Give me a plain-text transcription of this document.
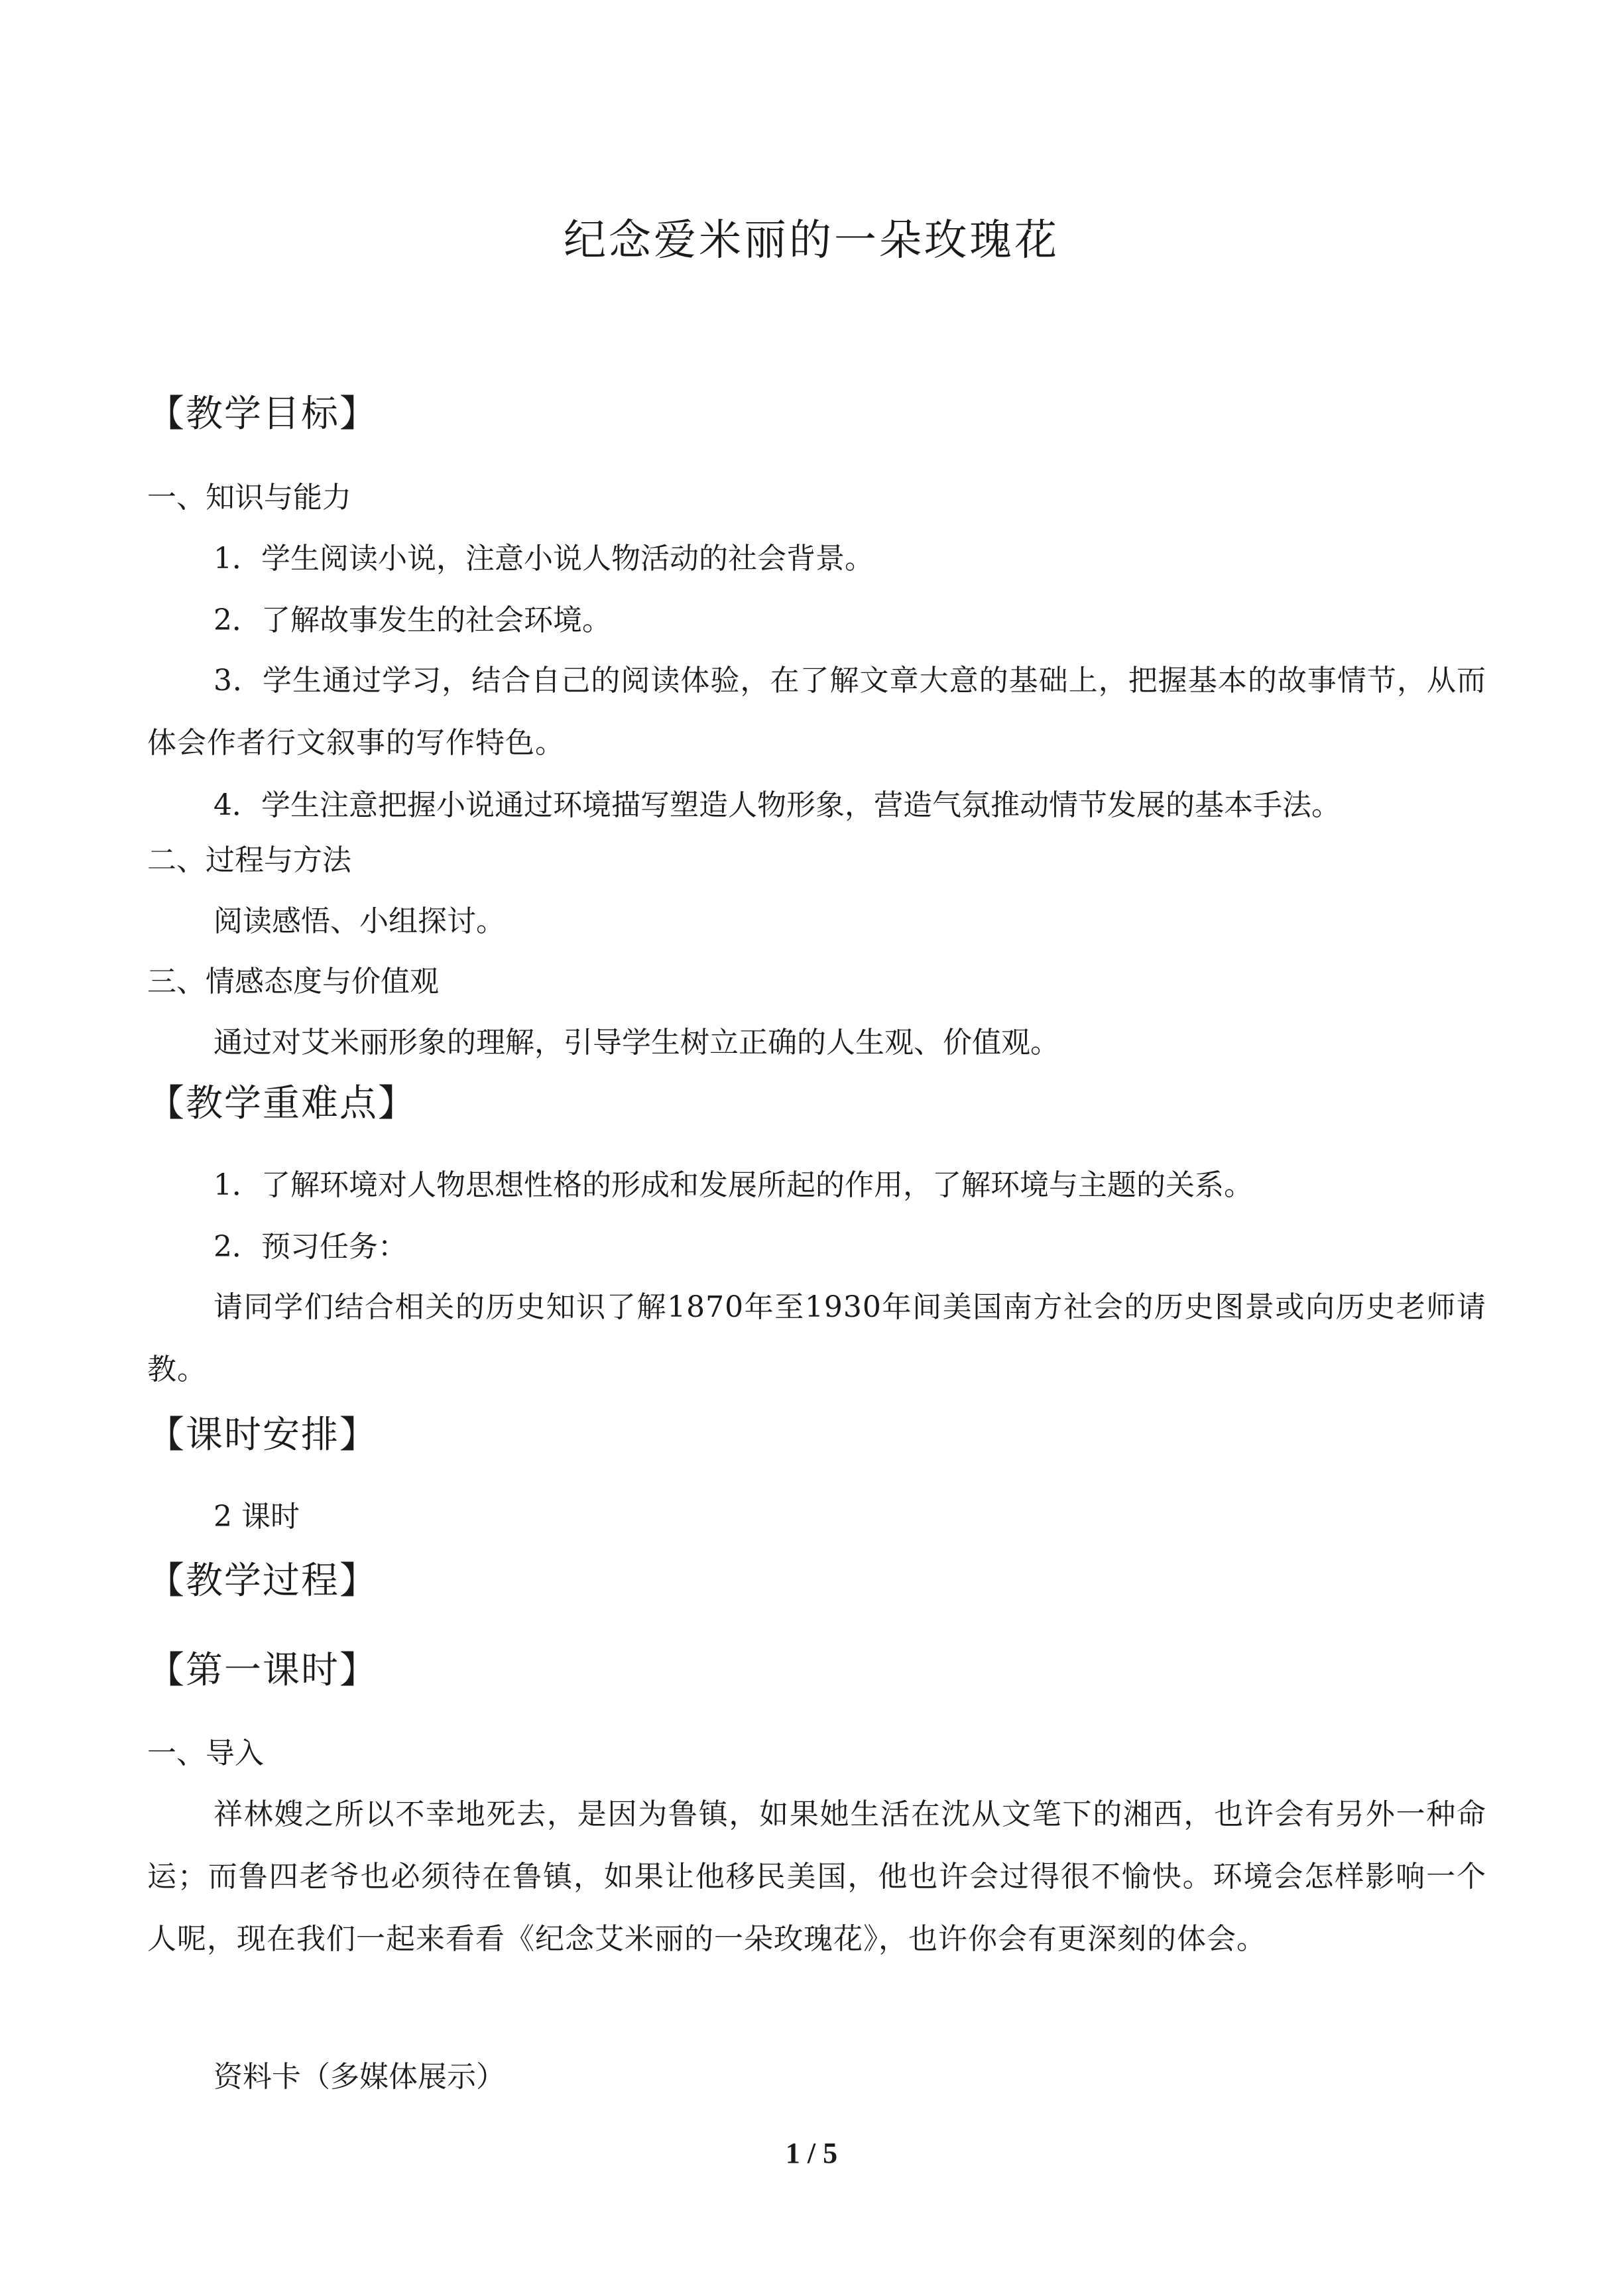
纪念爱米丽的一朵玫瑰花
【教学目标】
一、知识与能力
1．学生阅读小说，注意小说人物活动的社会背景。
2．了解故事发生的社会环境。
3．学生通过学习，结合自己的阅读体验，在了解文章大意的基础上，把握基本的故事情节，从而体会作者行文叙事的写作特色。
4．学生注意把握小说通过环境描写塑造人物形象，营造气氛推动情节发展的基本手法。
二、过程与方法
阅读感悟、小组探讨。
三、情感态度与价值观
通过对艾米丽形象的理解，引导学生树立正确的人生观、价值观。
【教学重难点】
1．了解环境对人物思想性格的形成和发展所起的作用，了解环境与主题的关系。
2．预习任务：
请同学们结合相关的历史知识了解1870年至1930年间美国南方社会的历史图景或向历史老师请教。
【课时安排】
2 课时
【教学过程】
【第一课时】
一、导入
祥林嫂之所以不幸地死去，是因为鲁镇，如果她生活在沈从文笔下的湘西，也许会有另外一种命运；而鲁四老爷也必须待在鲁镇，如果让他移民美国，他也许会过得很不愉快。环境会怎样影响一个人呢，现在我们一起来看看《纪念艾米丽的一朵玫瑰花》，也许你会有更深刻的体会。
资料卡（多媒体展示）
1 / 5
